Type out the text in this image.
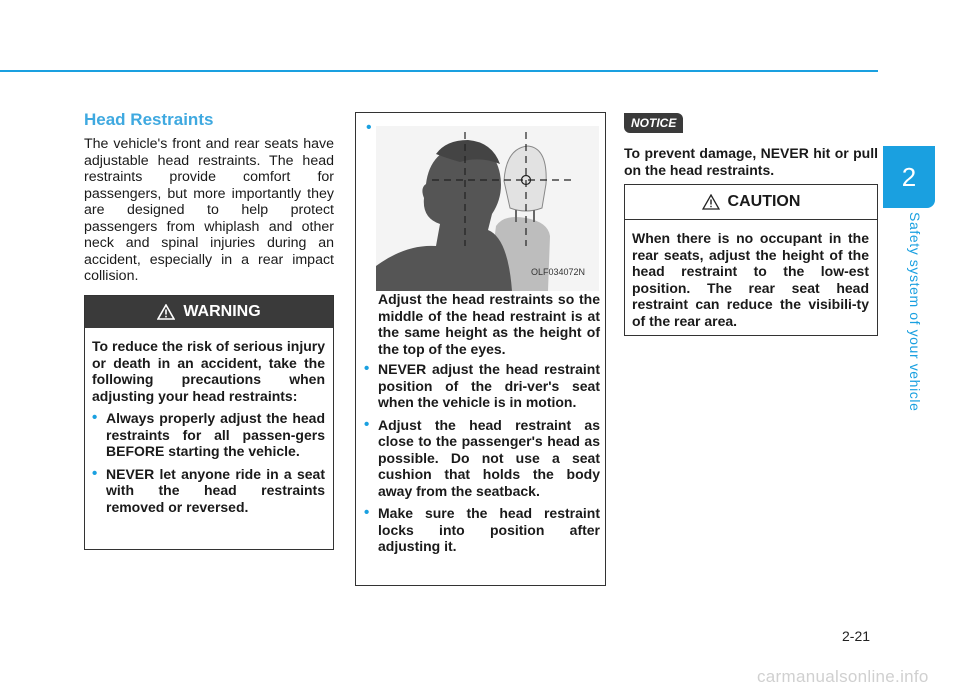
2
Safety system of your vehicle
Head Restraints

The vehicle's front and rear seats have adjustable head restraints. The head restraints provide comfort for passengers, but more importantly they are designed to help protect passengers from whiplash and other neck and spinal injuries during an accident, especially in a rear impact collision.

WARNING

To reduce the risk of serious injury or death in an accident, take the following precautions when adjusting your head restraints:

• Always properly adjust the head restraints for all passen-gers BEFORE starting the vehicle.
• NEVER let anyone ride in a seat with the head restraints removed or reversed.
•
OLF034072N

Adjust the head restraints so the middle of the head restraint is at the same height as the height of the top of the eyes.

• NEVER adjust the head restraint position of the dri-ver's seat when the vehicle is in motion.
• Adjust the head restraint as close to the passenger's head as possible. Do not use a seat cushion that holds the body away from the seatback.
• Make sure the head restraint locks into position after adjusting it.
NOTICE

To prevent damage, NEVER hit or pull on the head restraints.

CAUTION

When there is no occupant in the rear seats, adjust the height of the head restraint to the low-est position. The rear seat head restraint can reduce the visibili-ty of the rear area.

2-21
carmanualsonline.info
